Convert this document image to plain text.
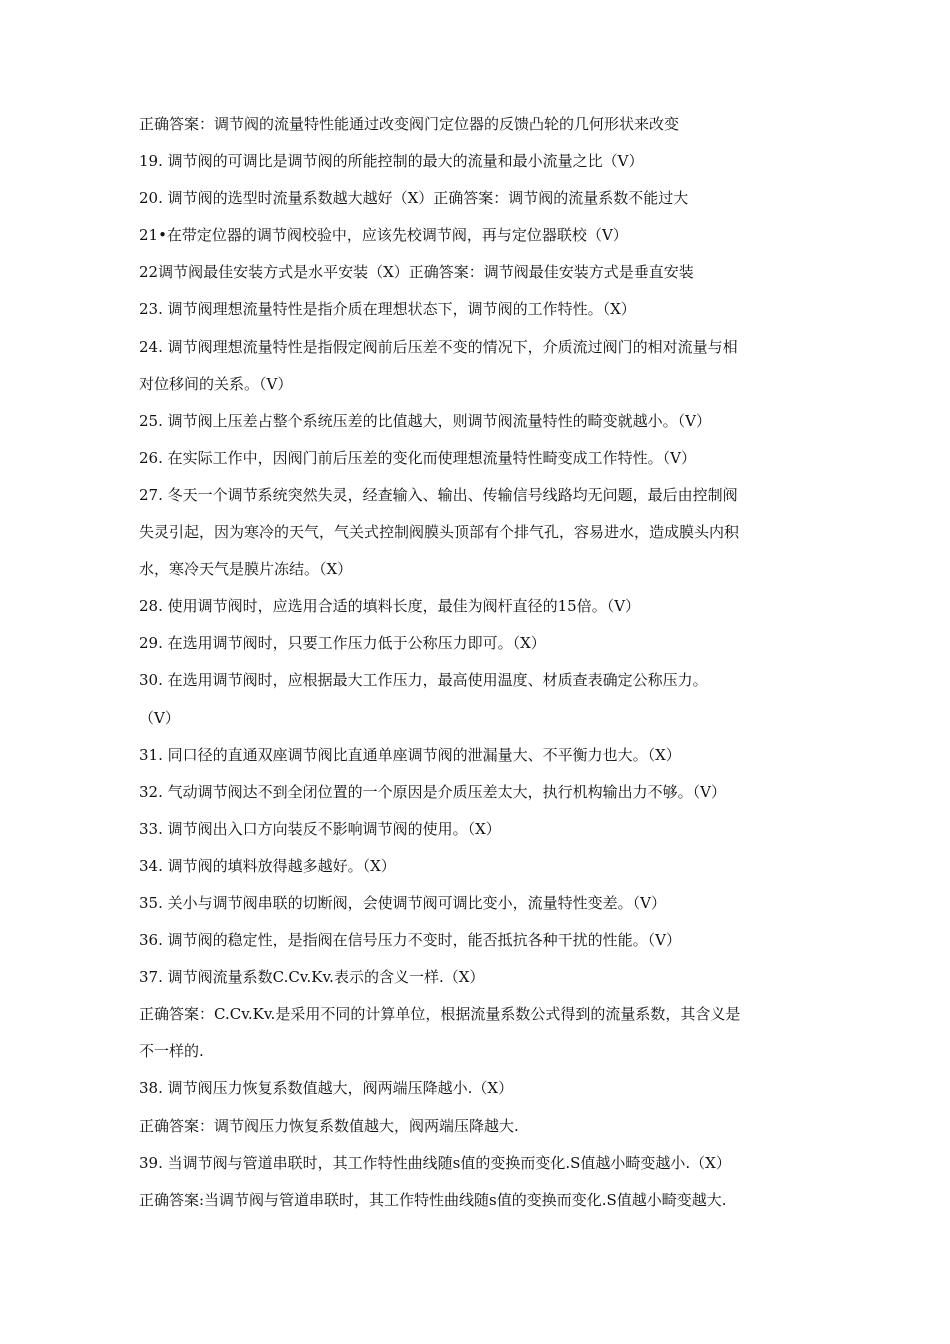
正确答案：调节阀的流量特性能通过改变阀门定位器的反馈凸轮的几何形状来改变
19. 调节阀的可调比是调节阀的所能控制的最大的流量和最小流量之比（V）
20. 调节阀的选型时流量系数越大越好（X）正确答案：调节阀的流量系数不能过大
21•在带定位器的调节阀校验中，应该先校调节阀，再与定位器联校（V）
22调节阀最佳安装方式是水平安装（X）正确答案：调节阀最佳安装方式是垂直安装
23. 调节阀理想流量特性是指介质在理想状态下，调节阀的工作特性。（X）
24. 调节阀理想流量特性是指假定阀前后压差不变的情况下，介质流过阀门的相对流量与相
对位移间的关系。（V）
25. 调节阀上压差占整个系统压差的比值越大，则调节阀流量特性的畸变就越小。（V）
26. 在实际工作中，因阀门前后压差的变化而使理想流量特性畸变成工作特性。（V）
27. 冬天一个调节系统突然失灵，经查输入、输出、传输信号线路均无问题，最后由控制阀
失灵引起，因为寒冷的天气，气关式控制阀膜头顶部有个排气孔，容易进水，造成膜头内积
水，寒冷天气是膜片冻结。（X）
28. 使用调节阀时，应选用合适的填料长度，最佳为阀杆直径的15倍。（V）
29. 在选用调节阀时，只要工作压力低于公称压力即可。（X）
30. 在选用调节阀时，应根据最大工作压力，最高使用温度、材质查表确定公称压力。
（V）
31. 同口径的直通双座调节阀比直通单座调节阀的泄漏量大、不平衡力也大。（X）
32. 气动调节阀达不到全闭位置的一个原因是介质压差太大，执行机构输出力不够。（V）
33. 调节阀出入口方向装反不影响调节阀的使用。（X）
34. 调节阀的填料放得越多越好。（X）
35. 关小与调节阀串联的切断阀，会使调节阀可调比变小，流量特性变差。（V）
36. 调节阀的稳定性，是指阀在信号压力不变时，能否抵抗各种干扰的性能。（V）
37. 调节阀流量系数C.Cv.Kv.表示的含义一样.（X）
正确答案：C.Cv.Kv.是采用不同的计算单位，根据流量系数公式得到的流量系数，其含义是
不一样的.
38. 调节阀压力恢复系数值越大，阀两端压降越小.（X）
正确答案：调节阀压力恢复系数值越大，阀两端压降越大.
39. 当调节阀与管道串联时，其工作特性曲线随s值的变换而变化.S值越小畸变越小.（X）
正确答案:当调节阀与管道串联时，其工作特性曲线随s值的变换而变化.S值越小畸变越大.
